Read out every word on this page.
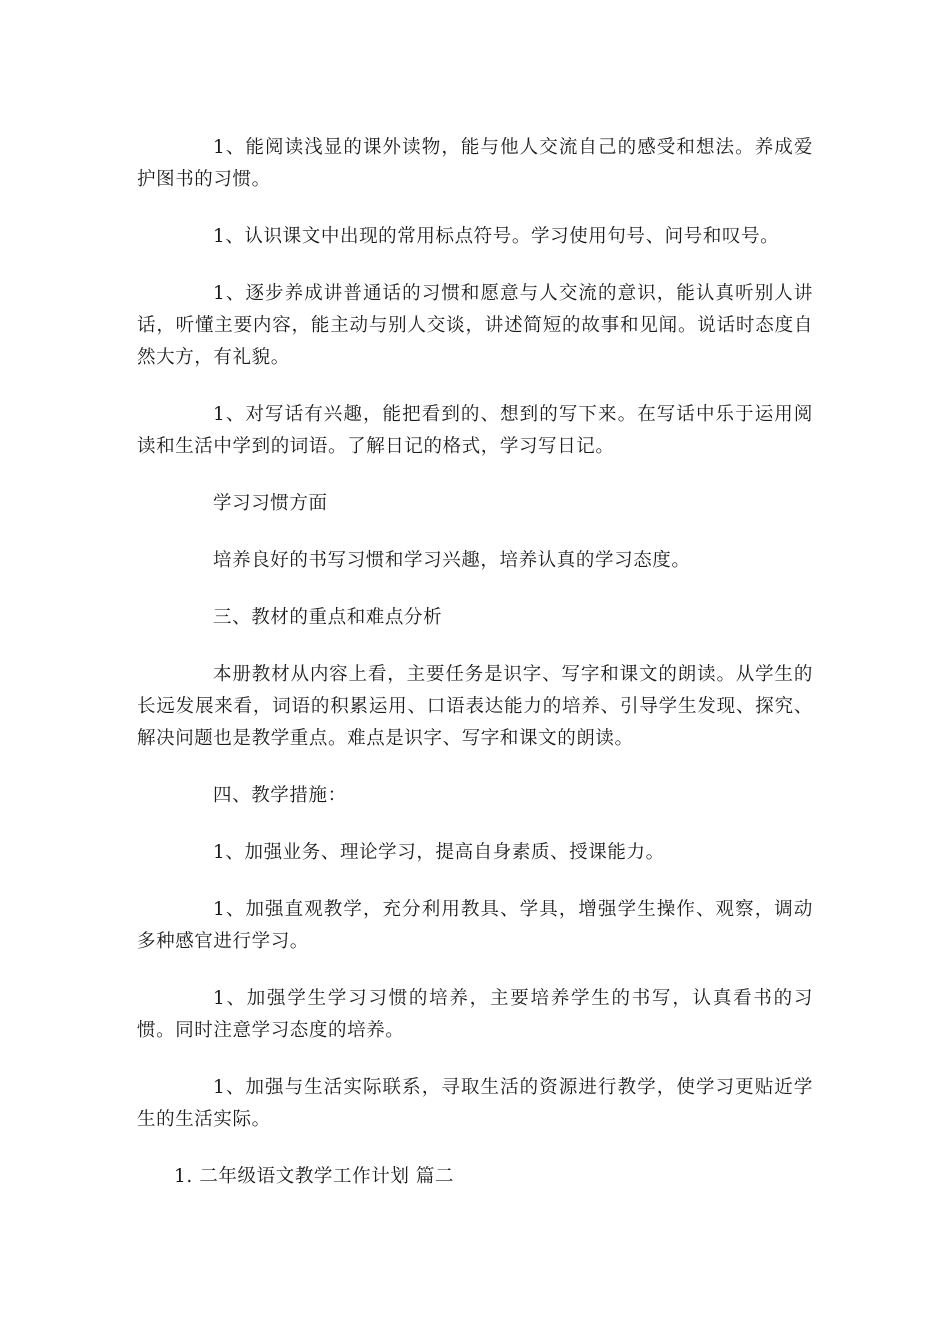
1、能阅读浅显的课外读物，能与他人交流自己的感受和想法。养成爱护图书的习惯。

1、认识课文中出现的常用标点符号。学习使用句号、问号和叹号。

1、逐步养成讲普通话的习惯和愿意与人交流的意识，能认真听别人讲话，听懂主要内容，能主动与别人交谈，讲述简短的故事和见闻。说话时态度自然大方，有礼貌。

1、对写话有兴趣，能把看到的、想到的写下来。在写话中乐于运用阅读和生活中学到的词语。了解日记的格式，学习写日记。

学习习惯方面

培养良好的书写习惯和学习兴趣，培养认真的学习态度。

三、教材的重点和难点分析

本册教材从内容上看，主要任务是识字、写字和课文的朗读。从学生的长远发展来看，词语的积累运用、口语表达能力的培养、引导学生发现、探究、解决问题也是教学重点。难点是识字、写字和课文的朗读。

四、教学措施：

1、加强业务、理论学习，提高自身素质、授课能力。

1、加强直观教学，充分利用教具、学具，增强学生操作、观察，调动多种感官进行学习。

1、加强学生学习习惯的培养，主要培养学生的书写，认真看书的习惯。同时注意学习态度的培养。

1、加强与生活实际联系，寻取生活的资源进行教学，使学习更贴近学生的生活实际。

1. 二年级语文教学工作计划 篇二
